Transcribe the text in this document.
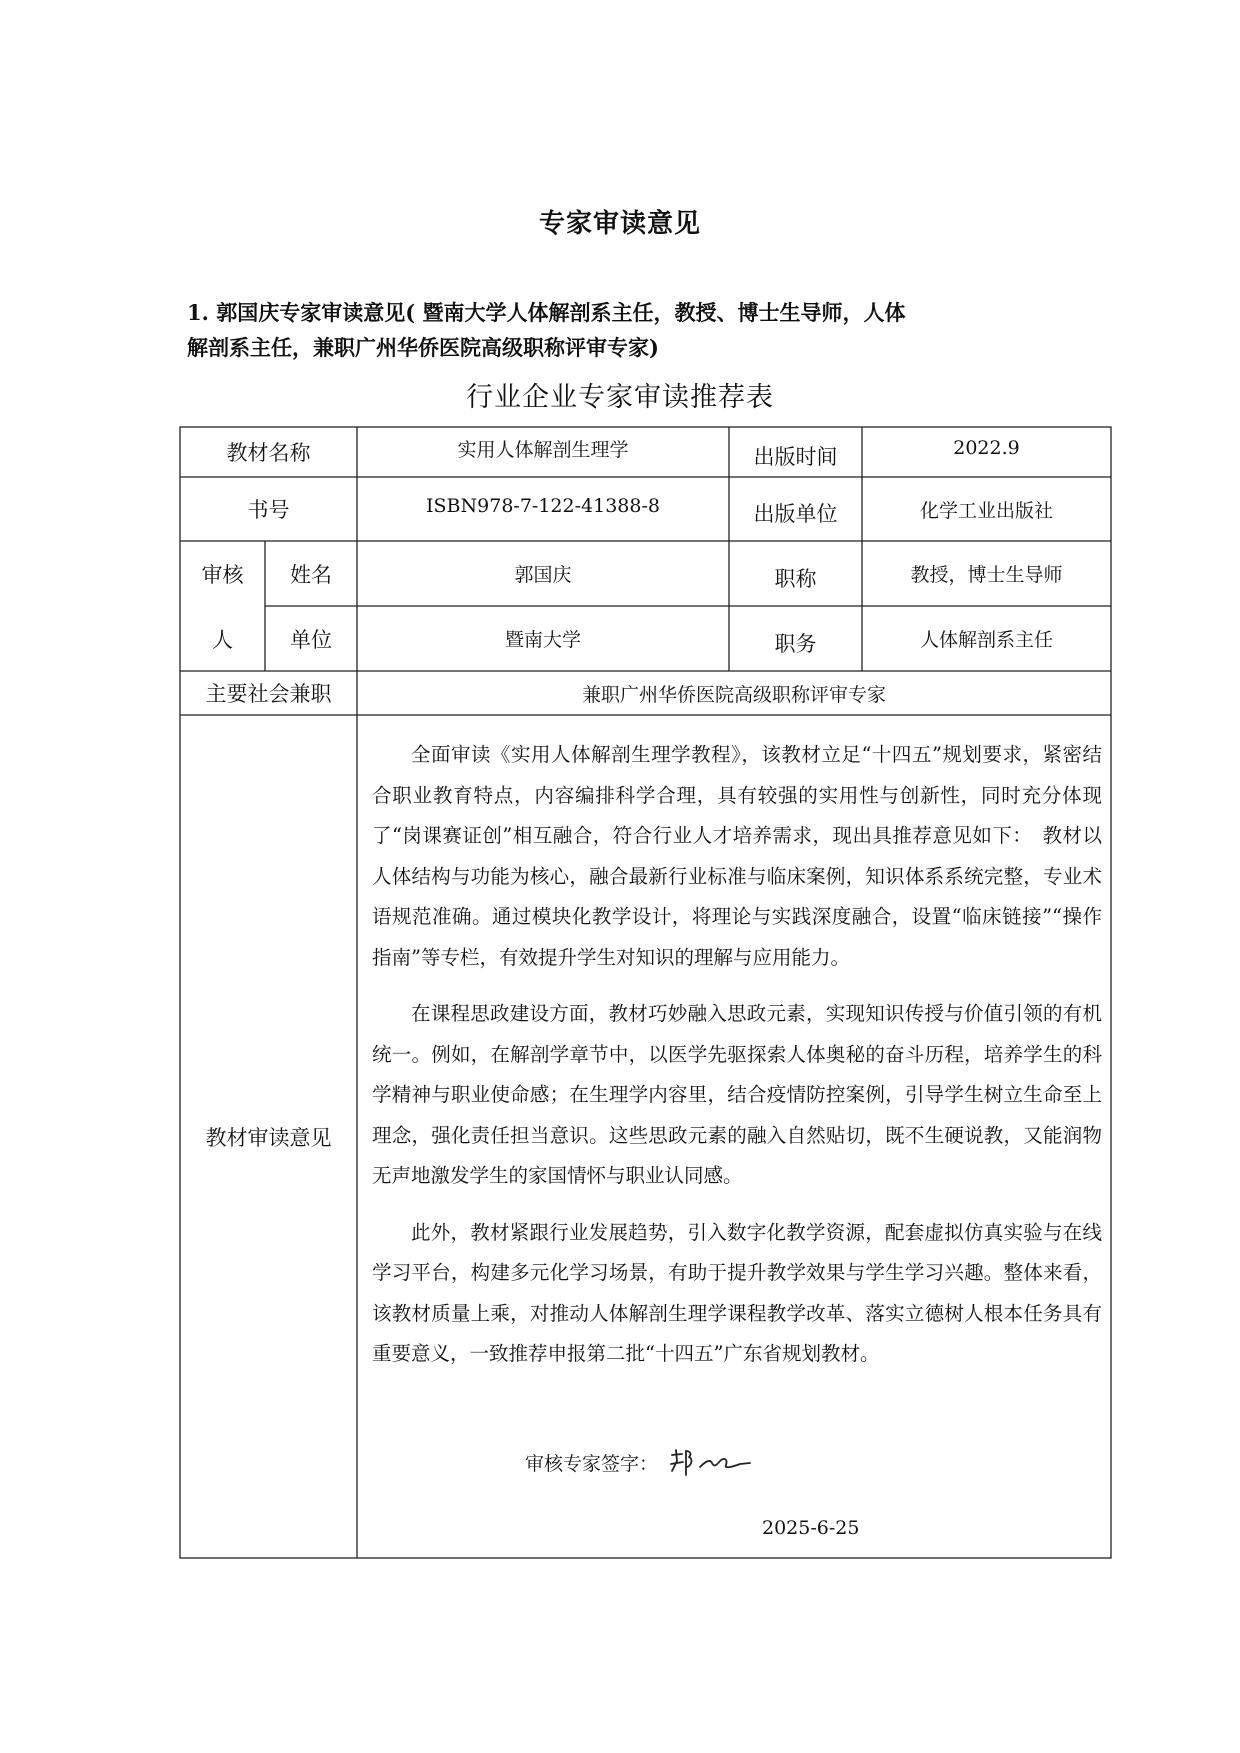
专家审读意见
1. 郭国庆专家审读意见( 暨南大学人体解剖系主任，教授、博士生导师，人体
解剖系主任，兼职广州华侨医院高级职称评审专家)
行业企业专家审读推荐表
教材名称	实用人体解剖生理学	出版时间	2022.9
书号	ISBN978-7-122-41388-8	出版单位	化学工业出版社
审核
人
姓名	郭国庆	职称	教授，博士生导师
单位	暨南大学	职务	人体解剖系主任
主要社会兼职	兼职广州华侨医院高级职称评审专家
教材审读意见

全面审读《实用人体解剖生理学教程》，该教材立足“十四五”规划要求，紧密结合职业教育特点，内容编排科学合理，具有较强的实用性与创新性，同时充分体现了“岗课赛证创”相互融合，符合行业人才培养需求，现出具推荐意见如下：　教材以人体结构与功能为核心，融合最新行业标准与临床案例，知识体系系统完整，专业术语规范准确。通过模块化教学设计，将理论与实践深度融合，设置“临床链接”“操作指南”等专栏，有效提升学生对知识的理解与应用能力。

在课程思政建设方面，教材巧妙融入思政元素，实现知识传授与价值引领的有机统一。例如，在解剖学章节中，以医学先驱探索人体奥秘的奋斗历程，培养学生的科学精神与职业使命感；在生理学内容里，结合疫情防控案例，引导学生树立生命至上理念，强化责任担当意识。这些思政元素的融入自然贴切，既不生硬说教，又能润物无声地激发学生的家国情怀与职业认同感。

此外，教材紧跟行业发展趋势，引入数字化教学资源，配套虚拟仿真实验与在线学习平台，构建多元化学习场景，有助于提升教学效果与学生学习兴趣。整体来看，该教材质量上乘，对推动人体解剖生理学课程教学改革、落实立德树人根本任务具有重要意义，一致推荐申报第二批“十四五”广东省规划教材。

审核专家签字：
2025-6-25
